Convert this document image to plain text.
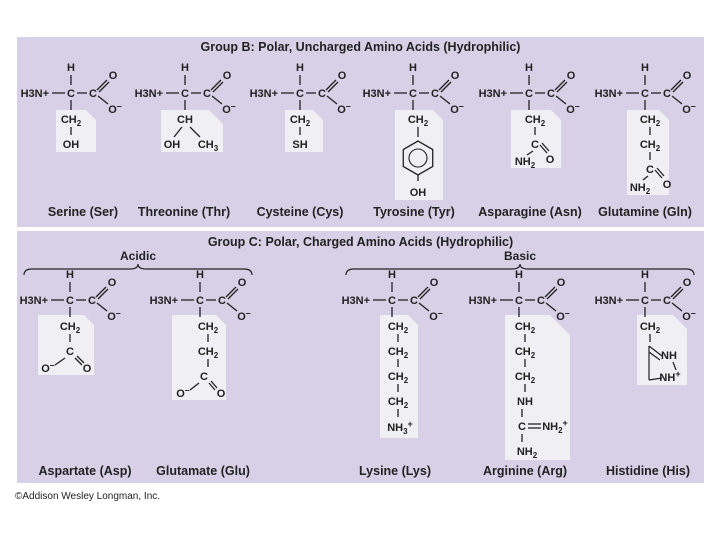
Group B: Polar, Uncharged Amino Acids (Hydrophilic)
Group C: Polar, Charged Amino Acids (Hydrophilic)
H
C
H3N+	C
O
O–
$CH_2$
OH
H
C
H3N+	C
O
O–
CH
OH $CH_3$
H
C
H3N+	C
O
O–
$CH_2$
SH
H
C
H3N+	C
O
O–
$CH_2$
OH
H
C
H3N+	C
O
O–
$CH_2$
C
O
$NH_2$
H
C
H3N+	C
O
O–
$CH_2$
$CH_2$
C
O
$NH_2$
H
C
H3N+	C
O
O–
$CH_2$
C
O–	O
H
C
H3N+	C
O
O–
$CH_2$
$CH_2$
C
O– O
H
C
H3N+	C
O
O–
$CH_2$
$CH_2$
$CH_2$
$CH_2$
$NH_3^+$
H
C
H3N+	C
O
O–
$CH_2$
$CH_2$
$CH_2$
NH
C $NH_2^+$
$NH_2$
H
C
H3N+	C
O
O–
$CH_2$
NH
NH+
Serine (Ser) Threonine (Thr) Cysteine (Cys) Tyrosine (Tyr) Asparagine (Asn) Glutamine (Gln)
Acidic	Basic
Aspartate (Asp) Glutamate (Glu)	Lysine (Lys)	Arginine (Arg)	Histidine (His)
©Addison Wesley Longman, Inc.
